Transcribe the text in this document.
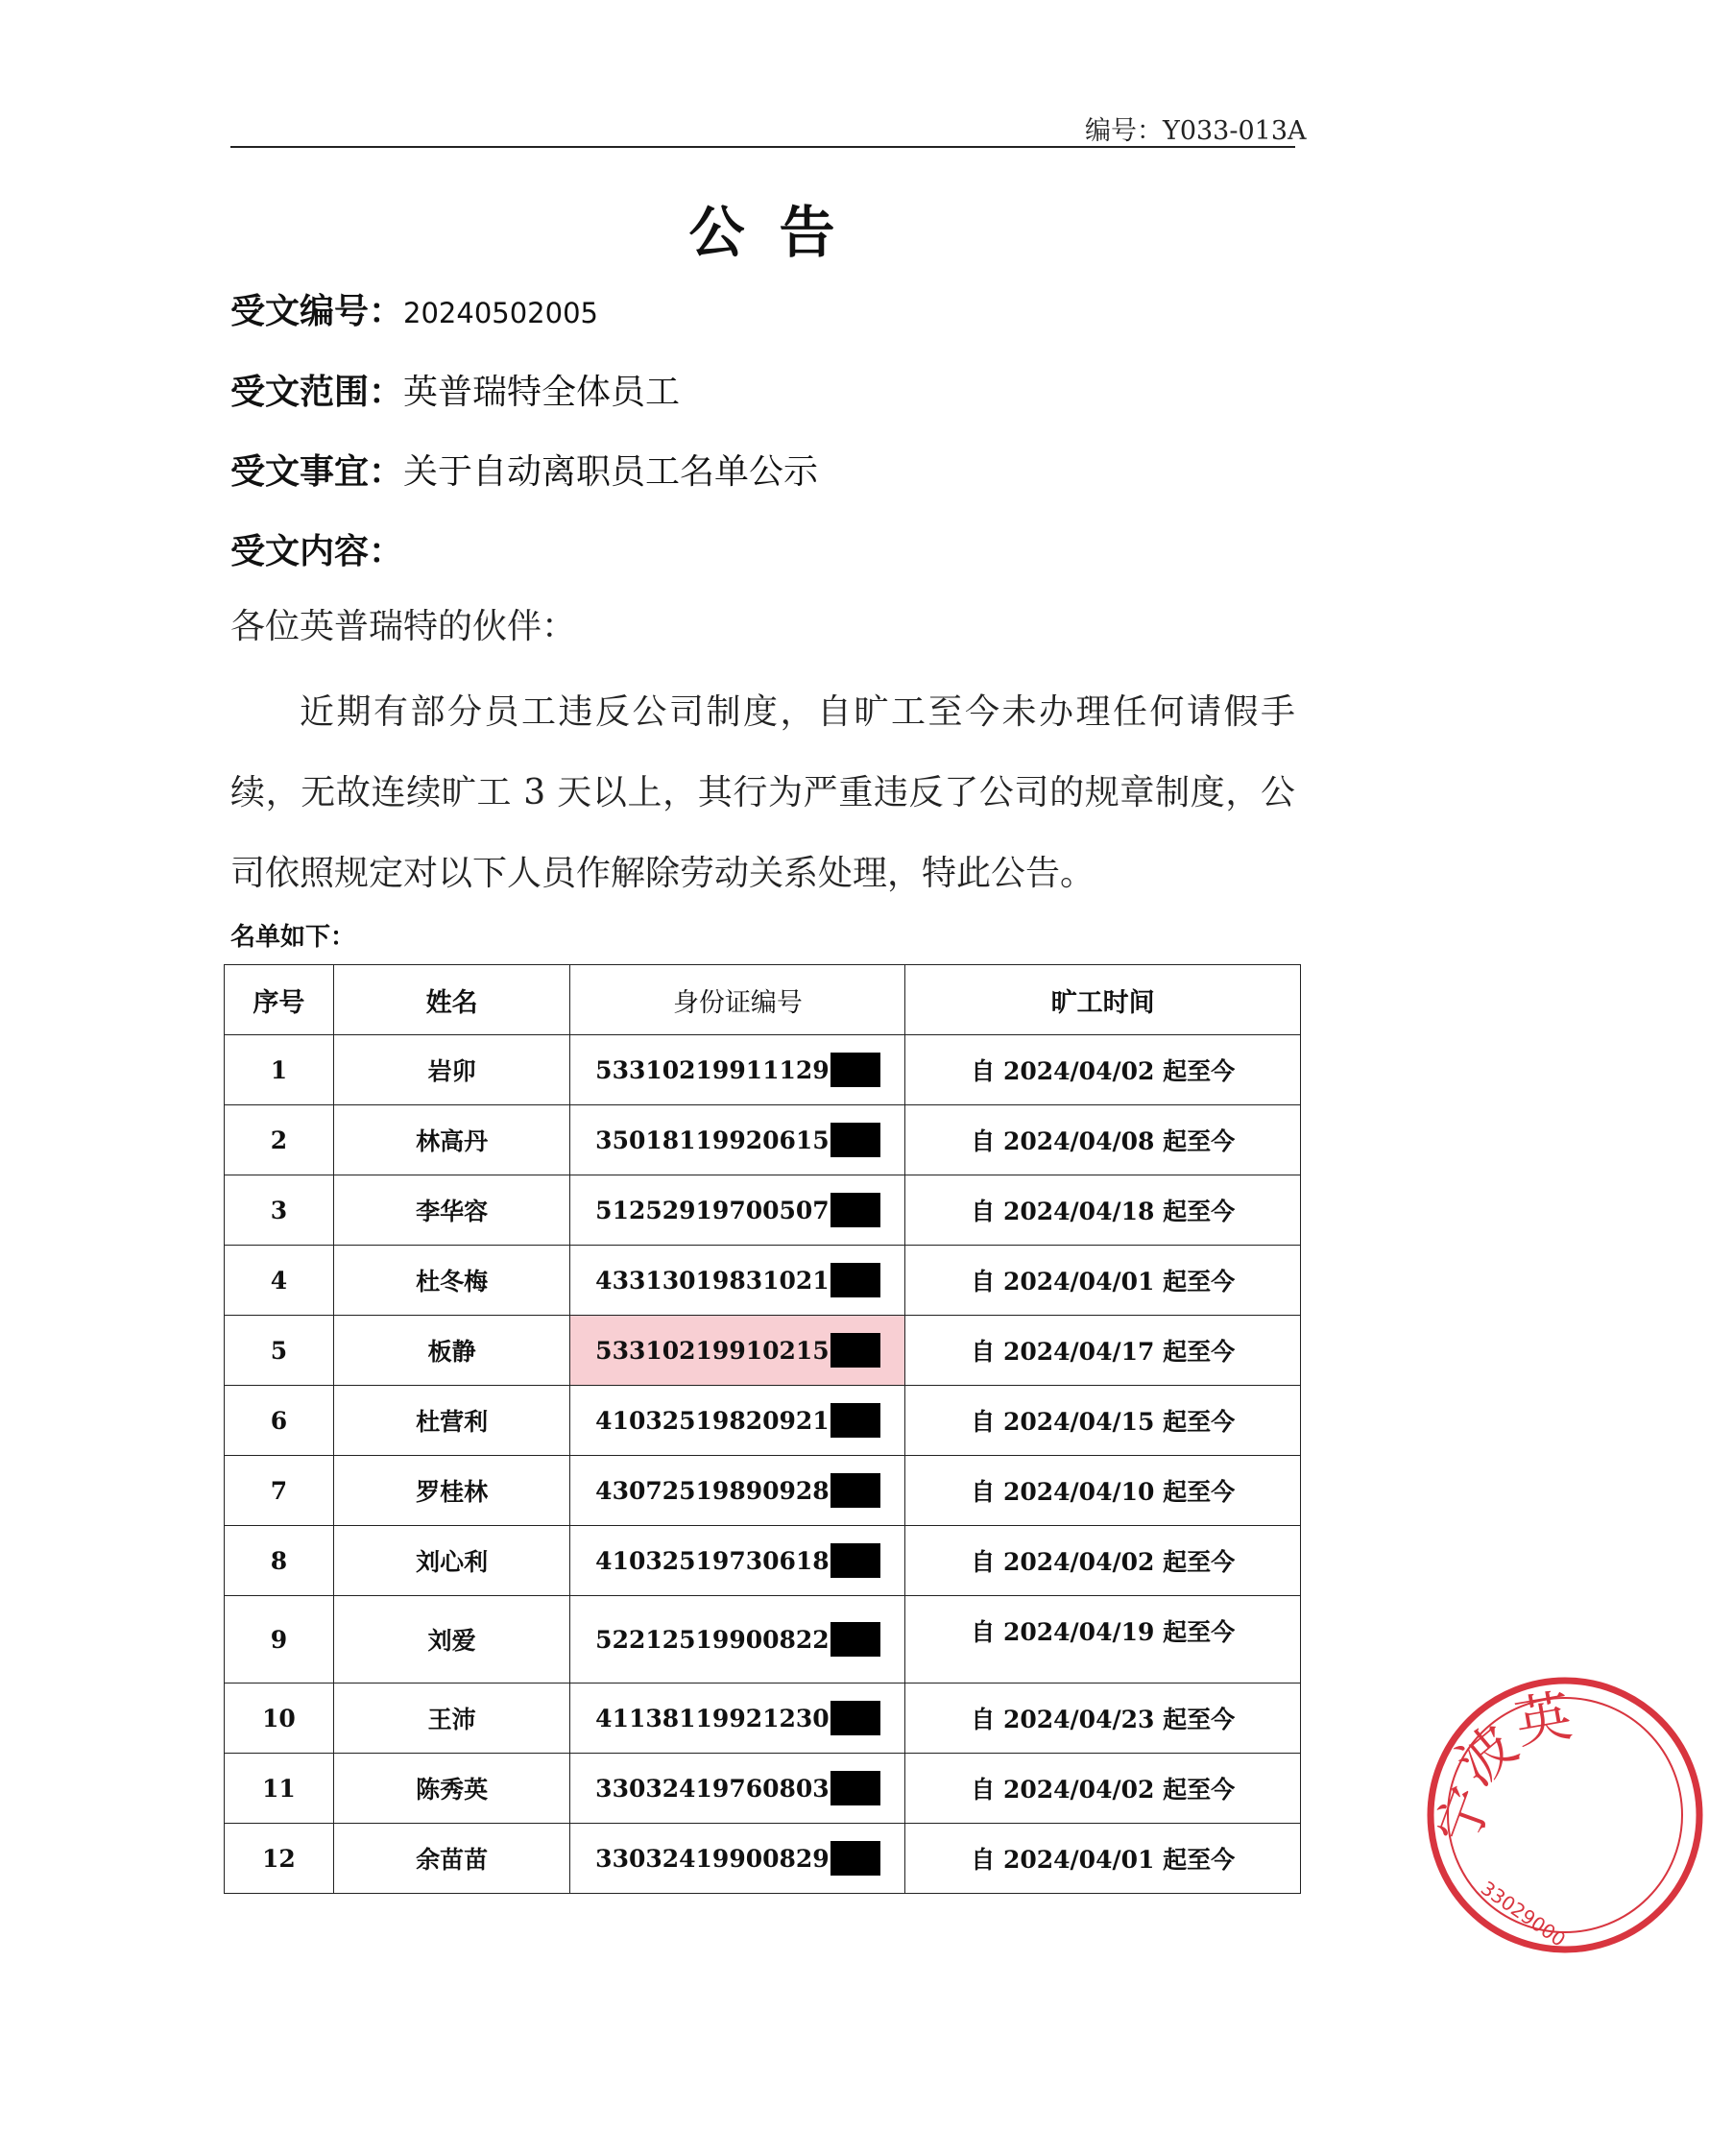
编号：Y033-013A
公告
受文编号：20240502005
受文范围：英普瑞特全体员工
受文事宜：关于自动离职员工名单公示
受文内容：
各位英普瑞特的伙伴：
近期有部分员工违反公司制度，自旷工至今未办理任何请假手续，无故连续旷工 3 天以上，其行为严重违反了公司的规章制度，公司依照规定对以下人员作解除劳动关系处理，特此公告。
名单如下：
序号	姓名	身份证编号	旷工时间
1	岩卯	53310219911129	自 2024/04/02 起至今
2	林高丹	35018119920615	自 2024/04/08 起至今
3	李华容	51252919700507	自 2024/04/18 起至今
4	杜冬梅	43313019831021	自 2024/04/01 起至今
5	板静	53310219910215	自 2024/04/17 起至今
6	杜营利	41032519820921	自 2024/04/15 起至今
7	罗桂林	43072519890928	自 2024/04/10 起至今
8	刘心利	41032519730618	自 2024/04/02 起至今
9	刘爱	52212519900822	自 2024/04/19 起至今
10	王沛	41138119921230	自 2024/04/23 起至今
11	陈秀英	33032419760803	自 2024/04/02 起至今
12	余苗苗	33032419900829	自 2024/04/01 起至今
宁
波
英
33029000
